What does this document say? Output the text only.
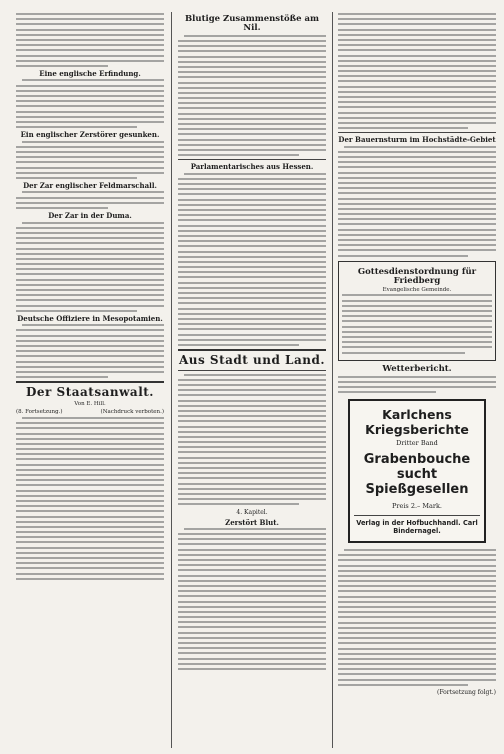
Eine englische Erfindung.
Ein englischer Zerstörer gesunken.
Der Zar englischer Feldmarschall.
Der Zar in der Duma.
Deutsche Offiziere in Mesopotamien.
Der Staatsanwalt.
Von E. Hill.
(8. Fortsetzung.)	(Nachdruck verboten.)
Blutige Zusammenstöße am Nil.
Parlamentarisches aus Hessen.
Aus Stadt und Land.
4. Kapitel.
Zerstört Blut.
Der Bauernsturm im Hochstädte-Gebiet
Gottesdienstordnung für Friedberg
Evangelische Gemeinde.
Wetterbericht.
Karlchens Kriegsberichte
Dritter Band
Grabenbouche
sucht Spießgesellen
Preis 2.– Mark.
Verlag in der Hofbuchhandl. Carl Bindernagel.
(Fortsetzung folgt.)
